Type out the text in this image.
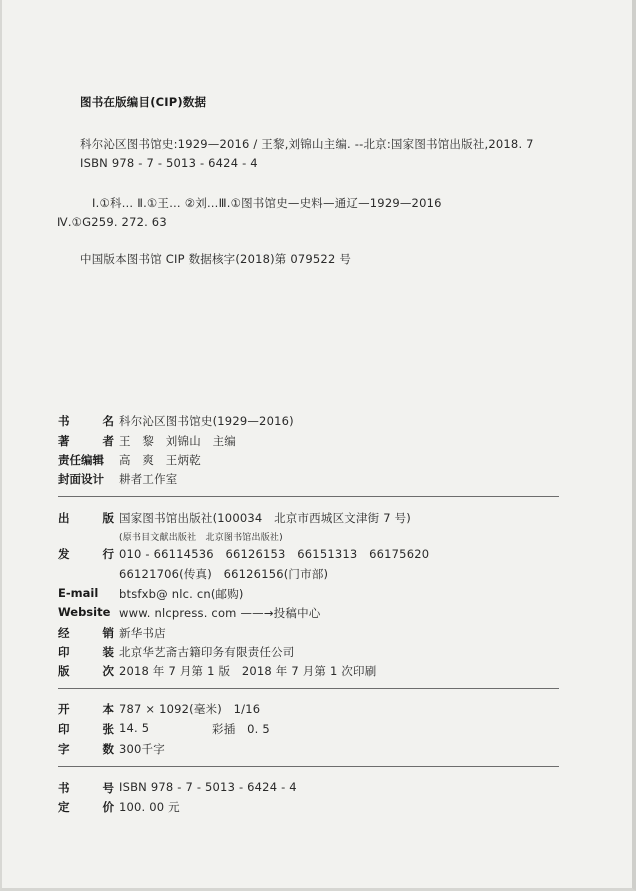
图书在版编目(CIP)数据
科尔沁区图书馆史:1929—2016 / 王黎,刘锦山主编. --北京:国家图书馆出版社,2018. 7
ISBN 978 - 7 - 5013 - 6424 - 4
Ⅰ.①科… Ⅱ.①王… ②刘…Ⅲ.①图书馆史—史料—通辽—1929—2016
Ⅳ.①G259. 272. 63
中国版本图书馆 CIP 数据核字(2018)第 079522 号
书	名 科尔沁区图书馆史(1929—2016)
著	者 王　黎　刘锦山　主编
责任编辑 高　爽　王炳乾
封面设计 耕者工作室
出	版 国家图书馆出版社(100034　北京市西城区文津街 7 号)
(原书目文献出版社　北京图书馆出版社)
发	行 010 - 66114536　66126153　66151313　66175620
66121706(传真)　66126156(门市部)
E-mail btsfxb@ nlc. cn(邮购)
Website www. nlcpress. com ——→投稿中心
经	销 新华书店
印	装 北京华艺斋古籍印务有限责任公司
版	次 2018 年 7 月第 1 版　2018 年 7 月第 1 次印刷
开	本 787 × 1092(毫米)　1/16
印	张 14. 5	彩插　0. 5
字	数 300千字
书	号 ISBN 978 - 7 - 5013 - 6424 - 4
定	价 100. 00 元
